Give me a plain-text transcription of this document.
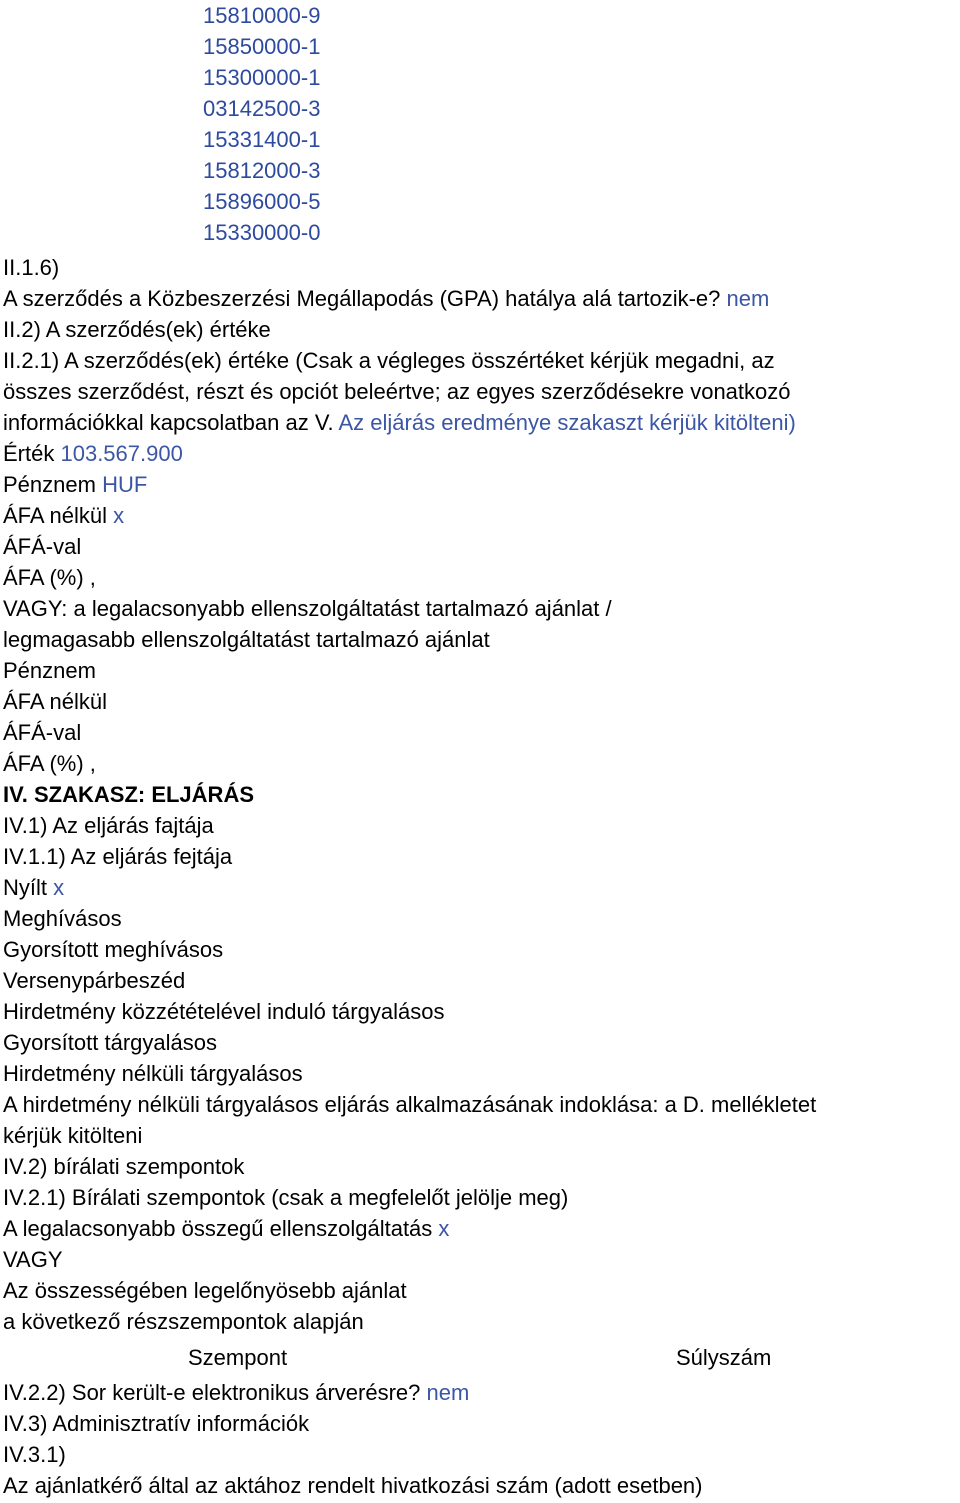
15810000-9
15850000-1
15300000-1
03142500-3
15331400-1
15812000-3
15896000-5
15330000-0
II.1.6)
A szerződés a Közbeszerzési Megállapodás (GPA) hatálya alá tartozik-e? nem
II.2) A szerződés(ek) értéke
II.2.1) A szerződés(ek) értéke (Csak a végleges összértéket kérjük megadni, az
összes szerződést, részt és opciót beleértve; az egyes szerződésekre vonatkozó
információkkal kapcsolatban az V. Az eljárás eredménye szakaszt kérjük kitölteni)
Érték 103.567.900
Pénznem HUF
ÁFA nélkül x
ÁFÁ-val
ÁFA (%) ,
VAGY: a legalacsonyabb ellenszolgáltatást tartalmazó ajánlat /
legmagasabb ellenszolgáltatást tartalmazó ajánlat
Pénznem
ÁFA nélkül
ÁFÁ-val
ÁFA (%) ,
IV. SZAKASZ: ELJÁRÁS
IV.1) Az eljárás fajtája
IV.1.1) Az eljárás fejtája
Nyílt x
Meghívásos
Gyorsított meghívásos
Versenypárbeszéd
Hirdetmény közzétételével induló tárgyalásos
Gyorsított tárgyalásos
Hirdetmény nélküli tárgyalásos
A hirdetmény nélküli tárgyalásos eljárás alkalmazásának indoklása: a D. mellékletet
kérjük kitölteni
IV.2) bírálati szempontok
IV.2.1) Bírálati szempontok (csak a megfelelőt jelölje meg)
A legalacsonyabb összegű ellenszolgáltatás x
VAGY
Az összességében legelőnyösebb ajánlat
a következő részszempontok alapján
Szempont	Súlyszám
IV.2.2) Sor került-e elektronikus árverésre? nem
IV.3) Adminisztratív információk
IV.3.1)
Az ajánlatkérő által az aktához rendelt hivatkozási szám (adott esetben)
